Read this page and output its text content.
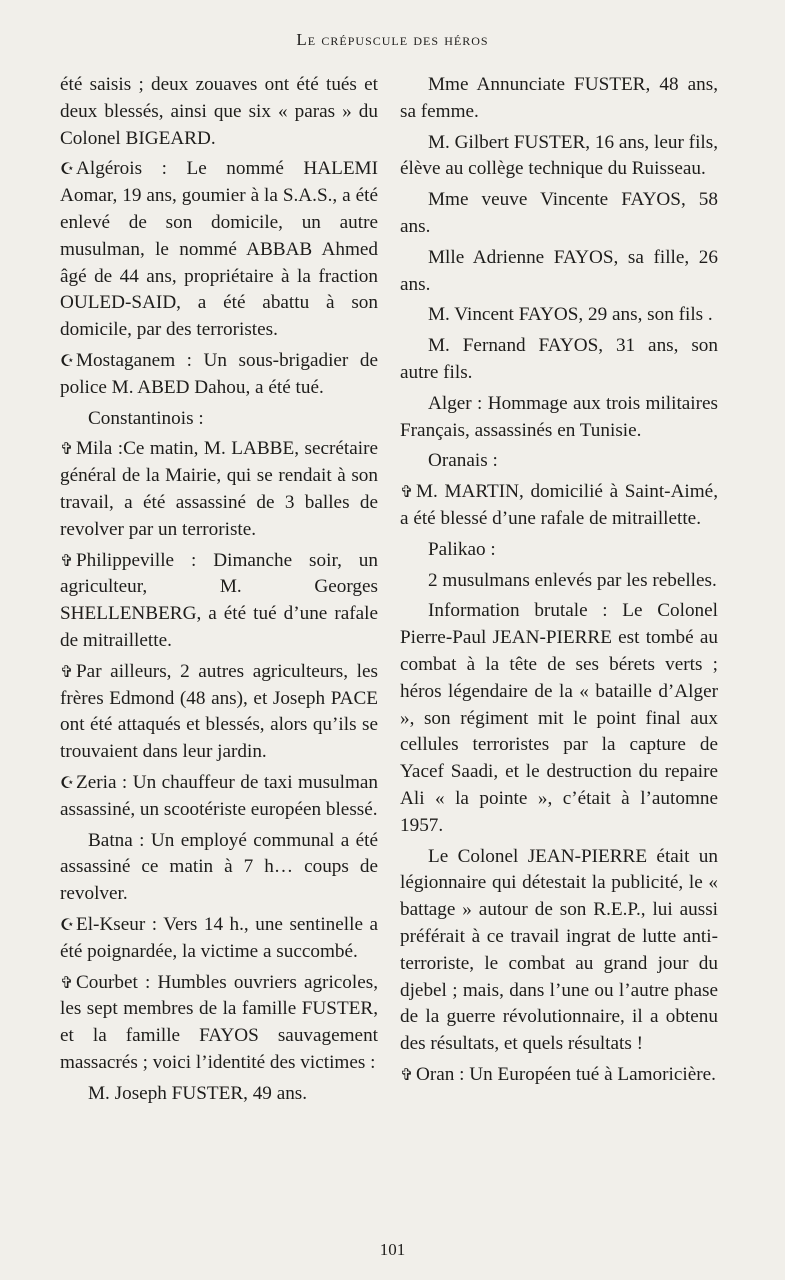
Le crépuscule des héros

été saisis ; deux zouaves ont été tués et deux blessés, ainsi que six « paras » du Colonel BIGEARD.

☪Algérois : Le nommé HALEMI Aomar, 19 ans, goumier à la S.A.S., a été enlevé de son domicile, un autre musulman, le nommé ABBAB Ahmed âgé de 44 ans, propriétaire à la fraction OULED-SAID, a été abattu à son domicile, par des terroristes.

☪Mostaganem : Un sous-brigadier de police M. ABED Dahou, a été tué.

Constantinois :

✞ Mila :Ce matin, M. LABBE, secrétaire général de la Mairie, qui se rendait à son travail, a été assassiné de 3 balles de revolver par un terroriste.

✞ Philippeville : Dimanche soir, un agriculteur, M. Georges SHELLENBERG, a été tué d’une rafale de mitraillette.

✞ Par ailleurs, 2 autres agriculteurs, les frères Edmond (48 ans), et Joseph PACE ont été attaqués et blessés, alors qu’ils se trouvaient dans leur jardin.

☪Zeria : Un chauffeur de taxi musulman assassiné, un scootériste européen blessé.

Batna : Un employé communal a été assassiné ce matin à 7 h… coups de revolver.

☪El-Kseur : Vers 14 h., une sentinelle a été poignardée, la victime a succombé.

✞ Courbet : Humbles ouvriers agricoles, les sept membres de la famille FUSTER, et la famille FAYOS sauvagement massacrés ; voici l’identité des victimes :

M. Joseph FUSTER, 49 ans.

Mme Annunciate FUSTER, 48 ans, sa femme.

M. Gilbert FUSTER, 16 ans, leur fils, élève au collège technique du Ruisseau.

Mme veuve Vincente FAYOS, 58 ans.

Mlle Adrienne FAYOS, sa fille, 26 ans.

M. Vincent FAYOS, 29 ans, son fils .

M. Fernand FAYOS, 31 ans, son autre fils.

Alger : Hommage aux trois militaires Français, assassinés en Tunisie.

Oranais :

✞ M. MARTIN, domicilié à Saint-Aimé, a été blessé d’une rafale de mitraillette.

Palikao :

2 musulmans enlevés par les rebelles.

Information brutale : Le Colonel Pierre-Paul JEAN-PIERRE est tombé au combat à la tête de ses bérets verts ; héros légendaire de la « bataille d’Alger », son régiment mit le point final aux cellules terroristes par la capture de Yacef Saadi, et le destruction du repaire Ali « la pointe », c’était à l’automne 1957.

Le Colonel JEAN-PIERRE était un légionnaire qui détestait la publicité, le « battage » autour de son R.E.P., lui aussi préférait à ce travail ingrat de lutte anti-terroriste, le combat au grand jour du djebel ; mais, dans l’une ou l’autre phase de la guerre révolutionnaire, il a obtenu des résultats, et quels résultats !

✞ Oran : Un Européen tué à Lamoricière.

101
